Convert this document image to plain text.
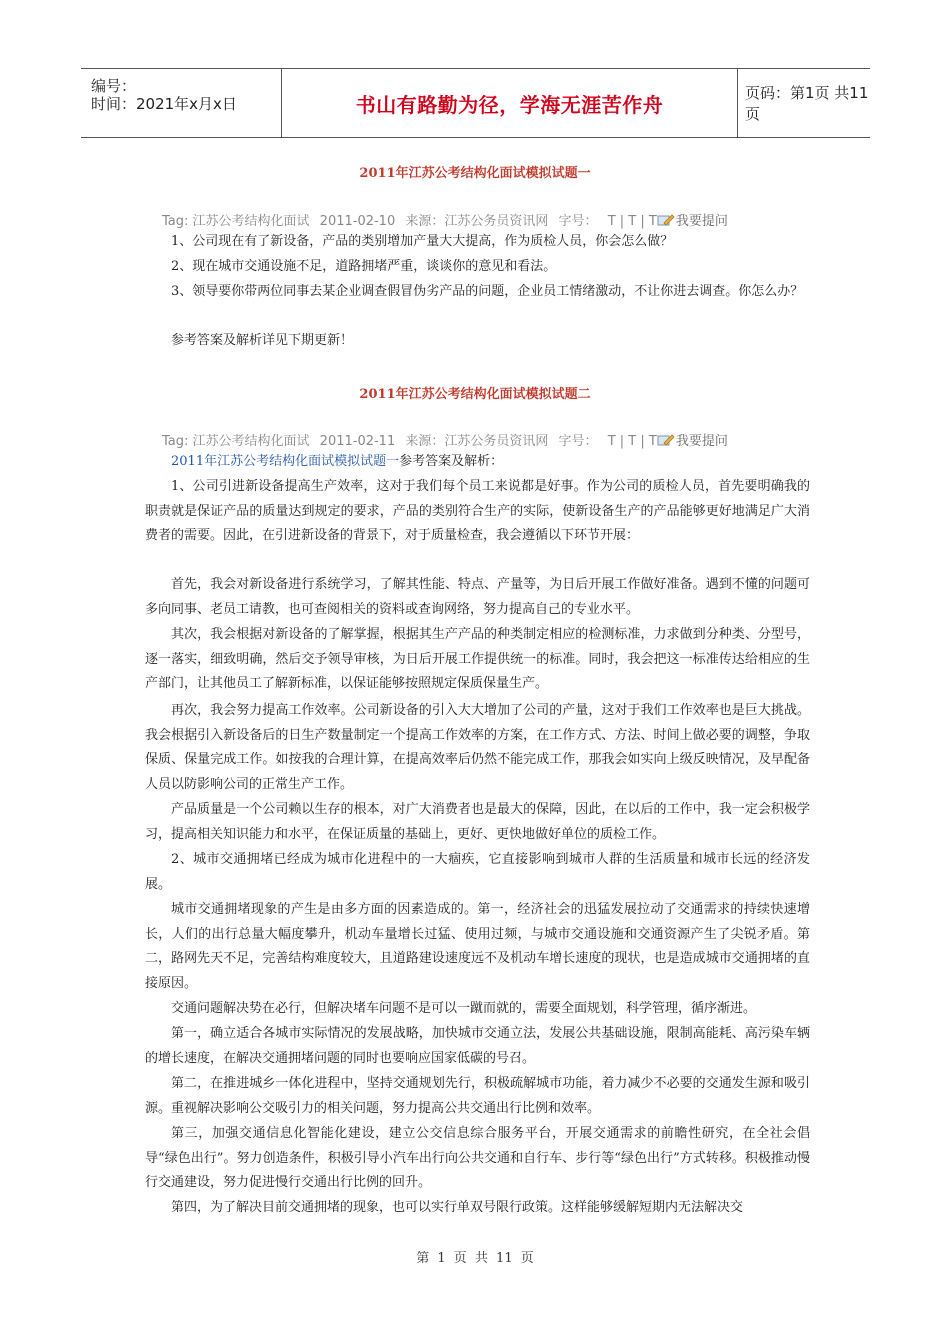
编号：
时间：2021年x月x日	书山有路勤为径，学海无涯苦作舟	页码：第1页 共11页
2011年江苏公考结构化面试模拟试题一
Tag: 江苏公考结构化面试 2011-02-10 来源：江苏公务员资讯网 字号： T | T | T 我要提问

1、公司现在有了新设备，产品的类别增加产量大大提高，作为质检人员，你会怎么做？

2、现在城市交通设施不足，道路拥堵严重，谈谈你的意见和看法。

3、领导要你带两位同事去某企业调查假冒伪劣产品的问题，企业员工情绪激动，不让你进去调查。你怎么办？

参考答案及解析详见下期更新！

2011年江苏公考结构化面试模拟试题二
Tag: 江苏公考结构化面试 2011-02-11 来源：江苏公务员资讯网 字号： T | T | T 我要提问

2011年江苏公考结构化面试模拟试题一参考答案及解析：

1、公司引进新设备提高生产效率，这对于我们每个员工来说都是好事。作为公司的质检人员，首先要明确我的职责就是保证产品的质量达到规定的要求，产品的类别符合生产的实际，使新设备生产的产品能够更好地满足广大消费者的需要。因此，在引进新设备的背景下，对于质量检查，我会遵循以下环节开展：

首先，我会对新设备进行系统学习，了解其性能、特点、产量等，为日后开展工作做好准备。遇到不懂的问题可多向同事、老员工请教，也可查阅相关的资料或查询网络，努力提高自己的专业水平。

其次，我会根据对新设备的了解掌握，根据其生产产品的种类制定相应的检测标准，力求做到分种类、分型号，逐一落实，细致明确，然后交予领导审核，为日后开展工作提供统一的标准。同时，我会把这一标准传达给相应的生产部门，让其他员工了解新标准，以保证能够按照规定保质保量生产。

再次，我会努力提高工作效率。公司新设备的引入大大增加了公司的产量，这对于我们工作效率也是巨大挑战。我会根据引入新设备后的日生产数量制定一个提高工作效率的方案，在工作方式、方法、时间上做必要的调整，争取保质、保量完成工作。如按我的合理计算，在提高效率后仍然不能完成工作，那我会如实向上级反映情况，及早配备人员以防影响公司的正常生产工作。

产品质量是一个公司赖以生存的根本，对广大消费者也是最大的保障，因此，在以后的工作中，我一定会积极学习，提高相关知识能力和水平，在保证质量的基础上，更好、更快地做好单位的质检工作。

2、城市交通拥堵已经成为城市化进程中的一大痼疾，它直接影响到城市人群的生活质量和城市长远的经济发展。

城市交通拥堵现象的产生是由多方面的因素造成的。第一，经济社会的迅猛发展拉动了交通需求的持续快速增长，人们的出行总量大幅度攀升，机动车量增长过猛、使用过频，与城市交通设施和交通资源产生了尖锐矛盾。第二，路网先天不足，完善结构难度较大，且道路建设速度远不及机动车增长速度的现状，也是造成城市交通拥堵的直接原因。

交通问题解决势在必行，但解决堵车问题不是可以一蹴而就的，需要全面规划，科学管理，循序渐进。

第一，确立适合各城市实际情况的发展战略，加快城市交通立法，发展公共基础设施，限制高能耗、高污染车辆的增长速度，在解决交通拥堵问题的同时也要响应国家低碳的号召。

第二，在推进城乡一体化进程中，坚持交通规划先行，积极疏解城市功能，着力减少不必要的交通发生源和吸引源。重视解决影响公交吸引力的相关问题，努力提高公共交通出行比例和效率。

第三，加强交通信息化智能化建设，建立公交信息综合服务平台，开展交通需求的前瞻性研究，在全社会倡导“绿色出行”。努力创造条件，积极引导小汽车出行向公共交通和自行车、步行等“绿色出行”方式转移。积极推动慢行交通建设，努力促进慢行交通出行比例的回升。

第四，为了解决目前交通拥堵的现象，也可以实行单双号限行政策。这样能够缓解短期内无法解决交

第 1 页 共 11 页
